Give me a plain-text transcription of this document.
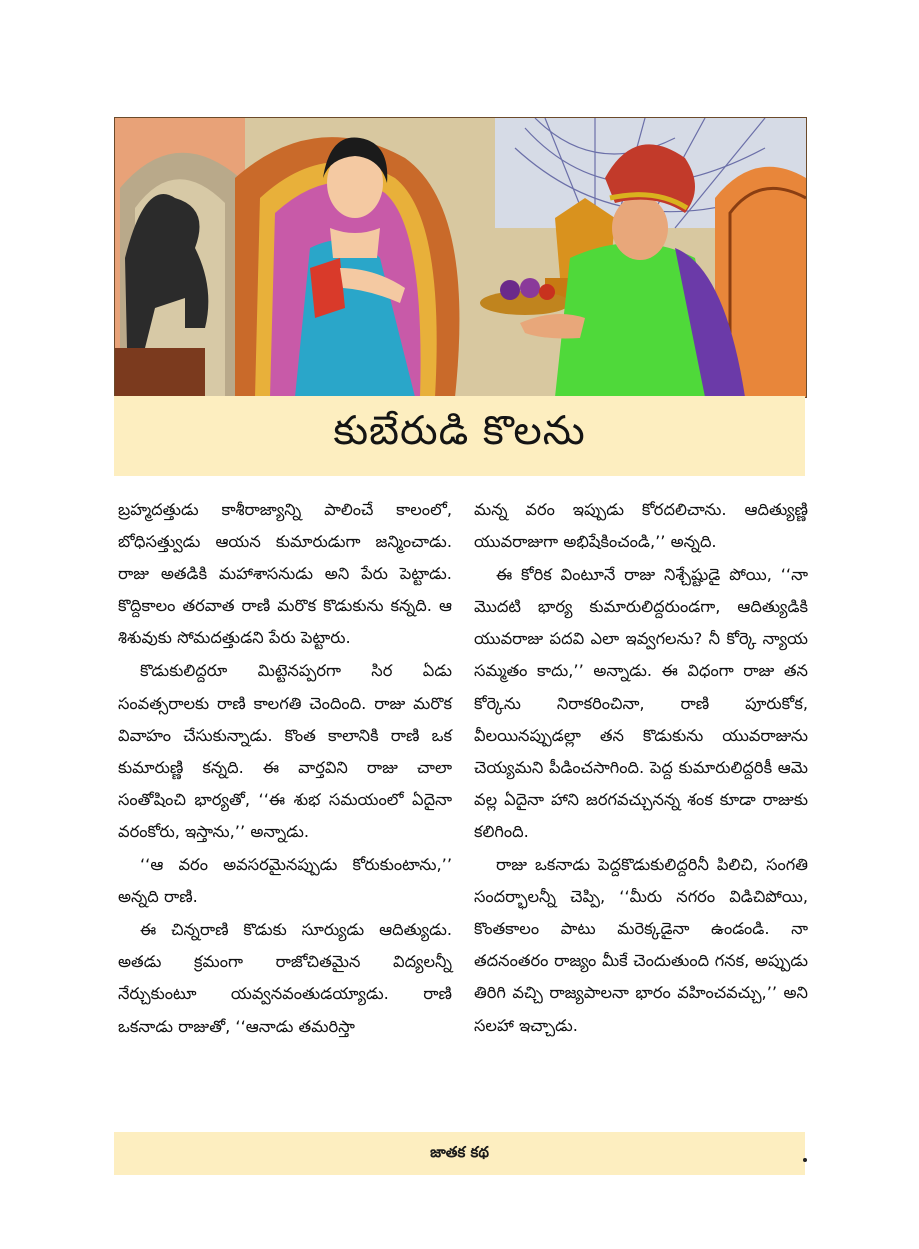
కుబేరుడి కొలను

బ్రహ్మదత్తుడు కాశీరాజ్యాన్ని పాలించే కాలంలో, బోధిసత్త్వుడు ఆయన కుమారుడుగా జన్మించాడు. రాజు అతడికి మహాశాసనుడు అని పేరు పెట్టాడు. కొద్దికాలం తరవాత రాణి మరొక కొడుకును కన్నది. ఆ శిశువుకు సోమదత్తుడని పేరు పెట్టారు.

కొడుకులిద్దరూ మిట్టెనప్పరగా సిర ఏడు సంవత్సరాలకు రాణి కాలగతి చెందింది. రాజు మరొక వివాహం చేసుకున్నాడు. కొంత కాలానికి రాణి ఒక కుమారుణ్ణి కన్నది. ఈ వార్తవిని రాజు చాలా సంతోషించి భార్యతో, ‘‘ఈ శుభ సమయంలో ఏదైనా వరంకోరు, ఇస్తాను,’’ అన్నాడు.

‘‘ఆ వరం అవసరమైనప్పుడు కోరుకుంటాను,’’ అన్నది రాణి.

ఈ చిన్నరాణి కొడుకు సూర్యుడు ఆదిత్యుడు. అతడు క్రమంగా రాజోచితమైన విద్యలన్నీ నేర్చుకుంటూ యవ్వనవంతుడయ్యాడు. రాణి ఒకనాడు రాజుతో, ‘‘ఆనాడు తమరిస్తా

మన్న వరం ఇప్పుడు కోరదలిచాను. ఆదిత్యుణ్ణి యువరాజుగా అభిషేకించండి,’’ అన్నది.

ఈ కోరిక వింటూనే రాజు నిశ్చేష్టుడై పోయి, ‘‘నా మొదటి భార్య కుమారులిద్దరుండగా, ఆదిత్యుడికి యువరాజు పదవి ఎలా ఇవ్వగలను? నీ కోర్కె న్యాయ సమ్మతం కాదు,’’ అన్నాడు. ఈ విధంగా రాజు తన కోర్కెను నిరాకరించినా, రాణి పూరుకోక, వీలయినప్పుడల్లా తన కొడుకును యువరాజును చెయ్యమని పీడించసాగింది. పెద్ద కుమారులిద్దరికీ ఆమె వల్ల ఏదైనా హాని జరగవచ్చునన్న శంక కూడా రాజుకు కలిగింది.

రాజు ఒకనాడు పెద్దకొడుకులిద్దరినీ పిలిచి, సంగతి సందర్భాలన్నీ చెప్పి, ‘‘మీరు నగరం విడిచిపోయి, కొంతకాలం పాటు మరెక్కడైనా ఉండండి. నా తదనంతరం రాజ్యం మీకే చెందుతుంది గనక, అప్పుడు తిరిగి వచ్చి రాజ్యపాలనా భారం వహించవచ్చు,’’ అని సలహా ఇచ్చాడు.

జాతక కథ
